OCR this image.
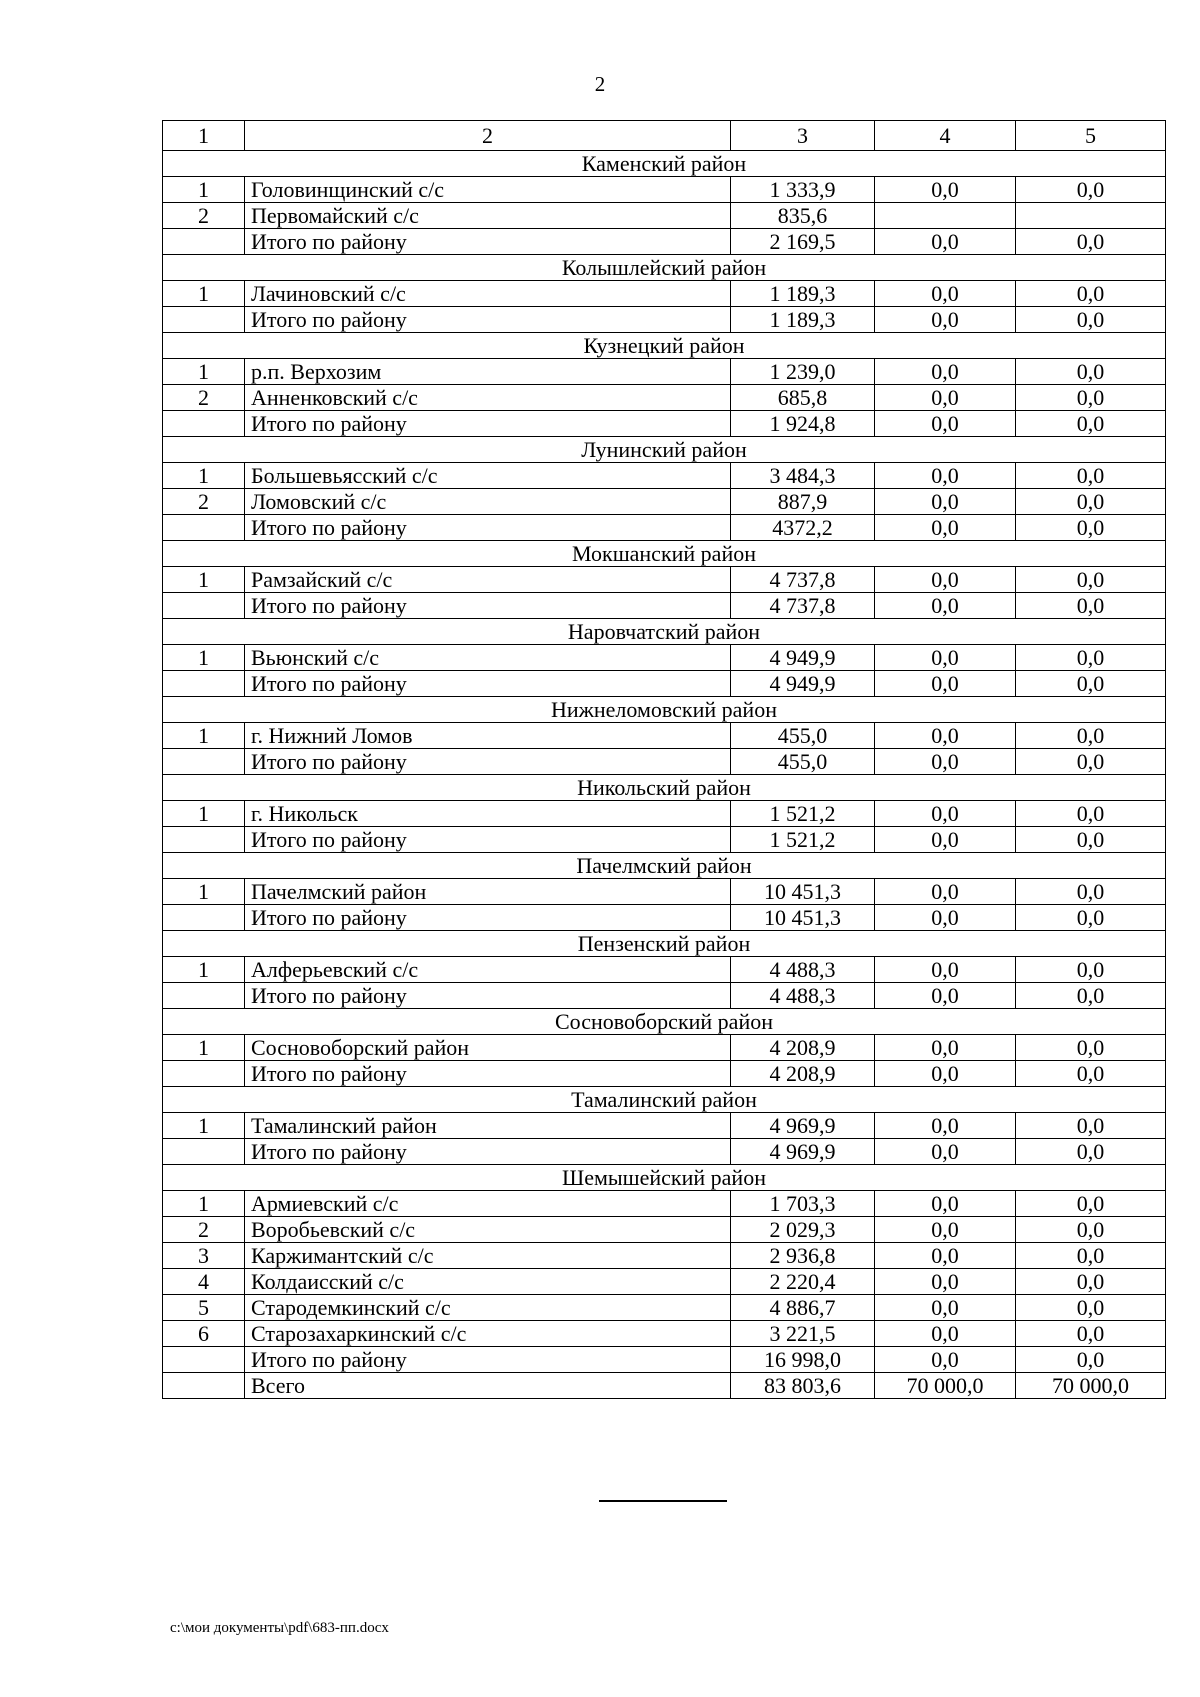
2
1	2	3	4	5
Каменский район				
1	Головинщинский с/с	1 333,9	0,0	0,0
2	Первомайский с/с	835,6		
	Итого по району	2 169,5	0,0	0,0
Колышлейский район				
1	Лачиновский с/с	1 189,3	0,0	0,0
	Итого по району	1 189,3	0,0	0,0
Кузнецкий район				
1	р.п. Верхозим	1 239,0	0,0	0,0
2	Анненковский с/с	685,8	0,0	0,0
	Итого по району	1 924,8	0,0	0,0
Лунинский район				
1	Большевьясский с/с	3 484,3	0,0	0,0
2	Ломовский с/с	887,9	0,0	0,0
	Итого по району	4372,2	0,0	0,0
Мокшанский район				
1	Рамзайский с/с	4 737,8	0,0	0,0
	Итого по району	4 737,8	0,0	0,0
Наровчатский район				
1	Вьюнский с/с	4 949,9	0,0	0,0
	Итого по району	4 949,9	0,0	0,0
Нижнеломовский район				
1	г. Нижний Ломов	455,0	0,0	0,0
	Итого по району	455,0	0,0	0,0
Никольский район				
1	г. Никольск	1 521,2	0,0	0,0
	Итого по району	1 521,2	0,0	0,0
Пачелмский район				
1	Пачелмский район	10 451,3	0,0	0,0
	Итого по району	10 451,3	0,0	0,0
Пензенский район				
1	Алферьевский с/с	4 488,3	0,0	0,0
	Итого по району	4 488,3	0,0	0,0
Сосновоборский район				
1	Сосновоборский район	4 208,9	0,0	0,0
	Итого по району	4 208,9	0,0	0,0
Тамалинский район				
1	Тамалинский район	4 969,9	0,0	0,0
	Итого по району	4 969,9	0,0	0,0
Шемышейский район				
1	Армиевский с/с	1 703,3	0,0	0,0
2	Воробьевский с/с	2 029,3	0,0	0,0
3	Каржимантский с/с	2 936,8	0,0	0,0
4	Колдаисский с/с	2 220,4	0,0	0,0
5	Стародемкинский с/с	4 886,7	0,0	0,0
6	Старозахаркинский с/с	3 221,5	0,0	0,0
	Итого по району	16 998,0	0,0	0,0
	Всего	83 803,6	70 000,0	70 000,0
c:\мои документы\pdf\683-пп.docx
